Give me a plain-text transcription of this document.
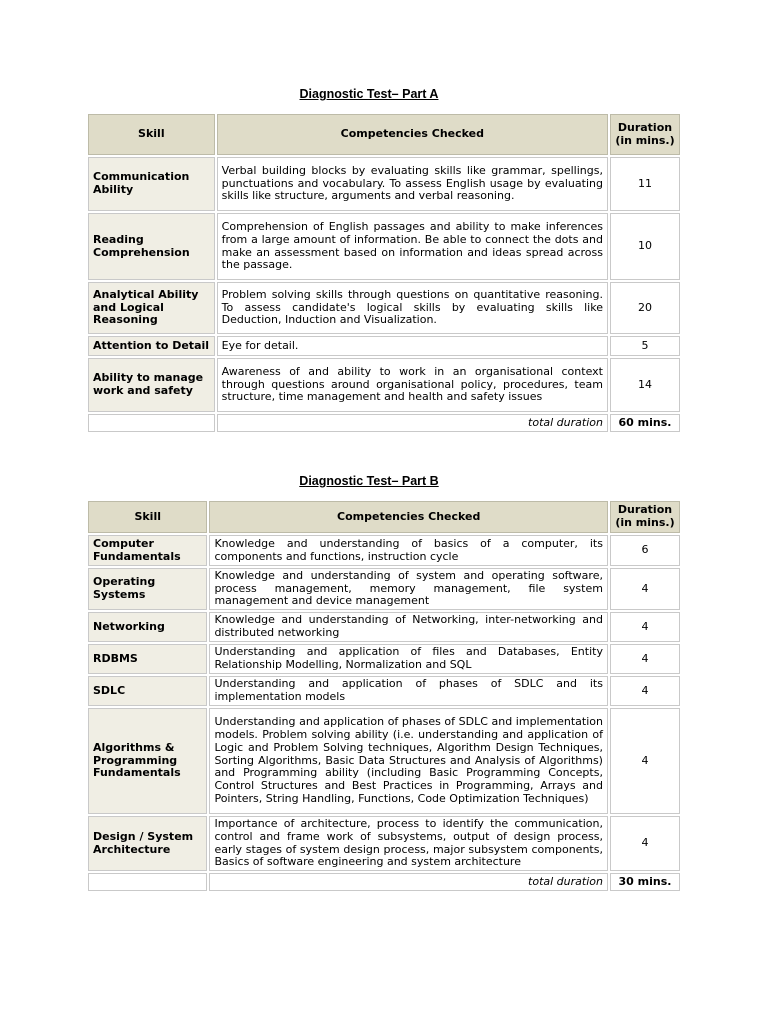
Diagnostic Test– Part A
Skill	Competencies Checked	Duration (in mins.)
Communication Ability	Verbal building blocks by evaluating skills like grammar, spellings, punctuations and vocabulary. To assess English usage by evaluating skills like structure, arguments and verbal reasoning.	11
Reading Comprehension	Comprehension of English passages and ability to make inferences from a large amount of information. Be able to connect the dots and make an assessment based on information and ideas spread across the passage.	10
Analytical Ability and Logical Reasoning	Problem solving skills through questions on quantitative reasoning. To assess candidate's logical skills by evaluating skills like Deduction, Induction and Visualization.	20
Attention to Detail	Eye for detail.	5
Ability to manage work and safety	Awareness of and ability to work in an organisational context through questions around organisational policy, procedures, team structure, time management and health and safety issues	14
	total duration	60 mins.
Diagnostic Test– Part B
Skill	Competencies Checked	Duration (in mins.)
Computer Fundamentals	Knowledge and understanding of basics of a computer, its components and functions, instruction cycle	6
Operating Systems	Knowledge and understanding of system and operating software, process management, memory management, file system management and device management	4
Networking	Knowledge and understanding of Networking, inter-networking and distributed networking	4
RDBMS	Understanding and application of files and Databases, Entity Relationship Modelling, Normalization and SQL	4
SDLC	Understanding and application of phases of SDLC and its implementation models	4
Algorithms & Programming Fundamentals	Understanding and application of phases of SDLC and implementation models. Problem solving ability (i.e. understanding and application of Logic and Problem Solving techniques, Algorithm Design Techniques, Sorting Algorithms, Basic Data Structures and Analysis of Algorithms) and Programming ability (including Basic Programming Concepts, Control Structures and Best Practices in Programming, Arrays and Pointers, String Handling, Functions, Code Optimization Techniques)	4
Design / System Architecture	Importance of architecture, process to identify the communication, control and frame work of subsystems, output of design process, early stages of system design process, major subsystem components, Basics of software engineering and system architecture	4
	total duration	30 mins.
